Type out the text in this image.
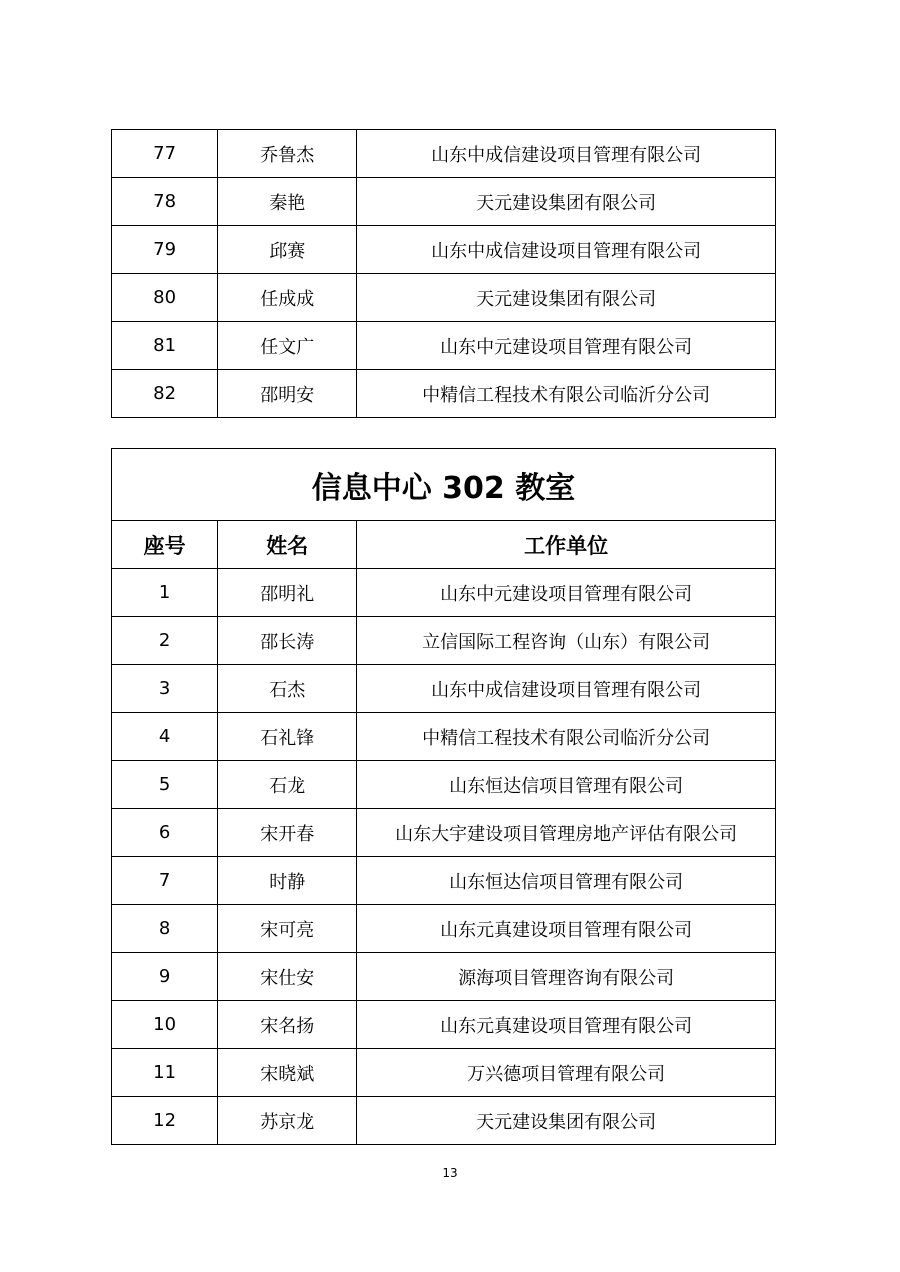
77	乔鲁杰	山东中成信建设项目管理有限公司
78	秦艳	天元建设集团有限公司
79	邱赛	山东中成信建设项目管理有限公司
80	任成成	天元建设集团有限公司
81	任文广	山东中元建设项目管理有限公司
82	邵明安	中精信工程技术有限公司临沂分公司
信息中心 302 教室		
座号	姓名	工作单位
1	邵明礼	山东中元建设项目管理有限公司
2	邵长涛	立信国际工程咨询（山东）有限公司
3	石杰	山东中成信建设项目管理有限公司
4	石礼锋	中精信工程技术有限公司临沂分公司
5	石龙	山东恒达信项目管理有限公司
6	宋开春	山东大宇建设项目管理房地产评估有限公司
7	时静	山东恒达信项目管理有限公司
8	宋可亮	山东元真建设项目管理有限公司
9	宋仕安	源海项目管理咨询有限公司
10	宋名扬	山东元真建设项目管理有限公司
11	宋晓斌	万兴德项目管理有限公司
12	苏京龙	天元建设集团有限公司
13
